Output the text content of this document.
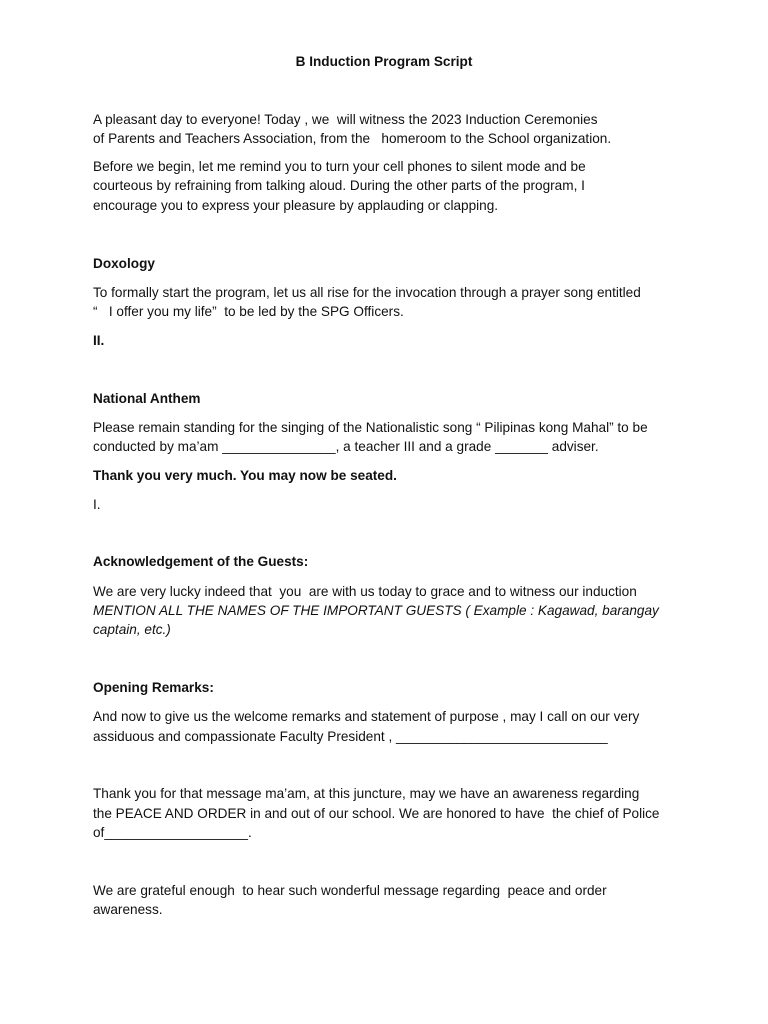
B Induction Program Script
A pleasant day to everyone! Today , we  will witness the 2023 Induction Ceremonies
of Parents and Teachers Association, from the   homeroom to the School organization.
Before we begin, let me remind you to turn your cell phones to silent mode and be
courteous by refraining from talking aloud. During the other parts of the program, I
encourage you to express your pleasure by applauding or clapping.
Doxology
To formally start the program, let us all rise for the invocation through a prayer song entitled
“   I offer you my life”  to be led by the SPG Officers.
II.
National Anthem
Please remain standing for the singing of the Nationalistic song “ Pilipinas kong Mahal” to be
conducted by ma’am _______________, a teacher III and a grade _______ adviser.
Thank you very much. You may now be seated.
I.
Acknowledgement of the Guests:
We are very lucky indeed that  you  are with us today to grace and to witness our induction
MENTION ALL THE NAMES OF THE IMPORTANT GUESTS ( Example : Kagawad, barangay
captain, etc.)
Opening Remarks:
And now to give us the welcome remarks and statement of purpose , may I call on our very
assiduous and compassionate Faculty President , ____________________________
Thank you for that message ma’am, at this juncture, may we have an awareness regarding
the PEACE AND ORDER in and out of our school. We are honored to have  the chief of Police
of___________________.
We are grateful enough  to hear such wonderful message regarding  peace and order
awareness.
